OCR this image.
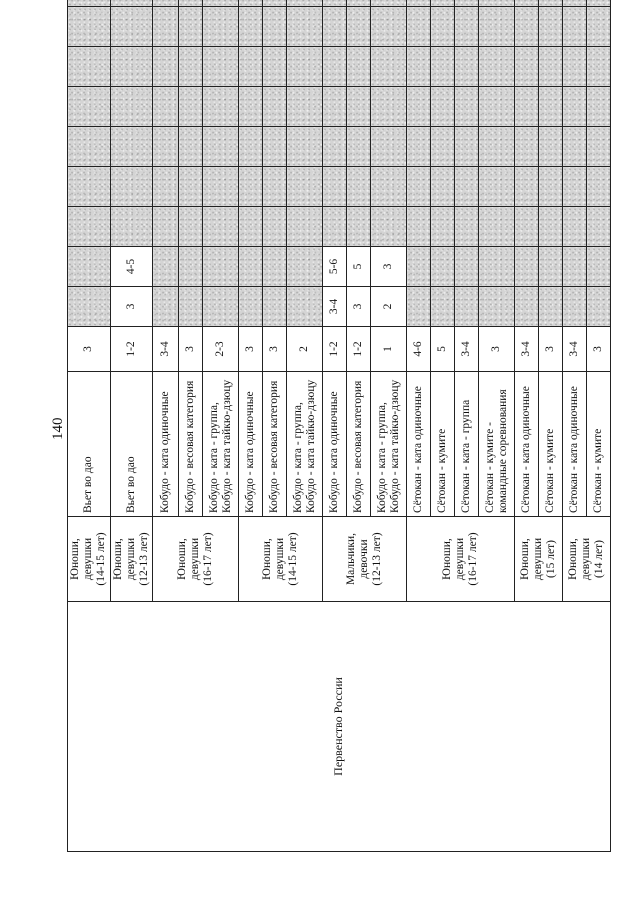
140
Первенство России	Юноши, девушки
(14-15 лет)	Вьет во дао	3									
	Юноши, девушки
(12-13 лет)	Вьет во дао	1-2	3	4-5							
	Юноши, девушки
(16-17 лет)	Кобудо - ката одиночные	3-4									
		Кобудо - весовая категория	3									
		Кобудо - ката - группа,
Кобудо - ката тайкю-дзюцу	2-3									
	Юноши, девушки
(14-15 лет)	Кобудо - ката одиночные	3									
		Кобудо - весовая категория	3									
		Кобудо - ката - группа,
Кобудо - ката тайкю-дзюцу	2									
	Мальчики, девочки
(12-13 лет)	Кобудо - ката одиночные	1-2	3-4	5-6							
		Кобудо - весовая категория	1-2	3	5							
		Кобудо - ката - группа,
Кобудо - ката тайкю-дзюцу	1	2	3							
	Юноши, девушки
(16-17 лет)	Сётокан - ката одиночные	4-6									
		Сётокан - кумите	5									
		Сётокан - ката - группа	3-4									
		Сётокан - кумите -
командные соревнования	3									
	Юноши, девушки
(15 лет)	Сётокан - ката одиночные	3-4									
		Сётокан - кумите	3									
	Юноши, девушки
(14 лет)	Сётокан - ката одиночные	3-4									
		Сётокан - кумите	3									
